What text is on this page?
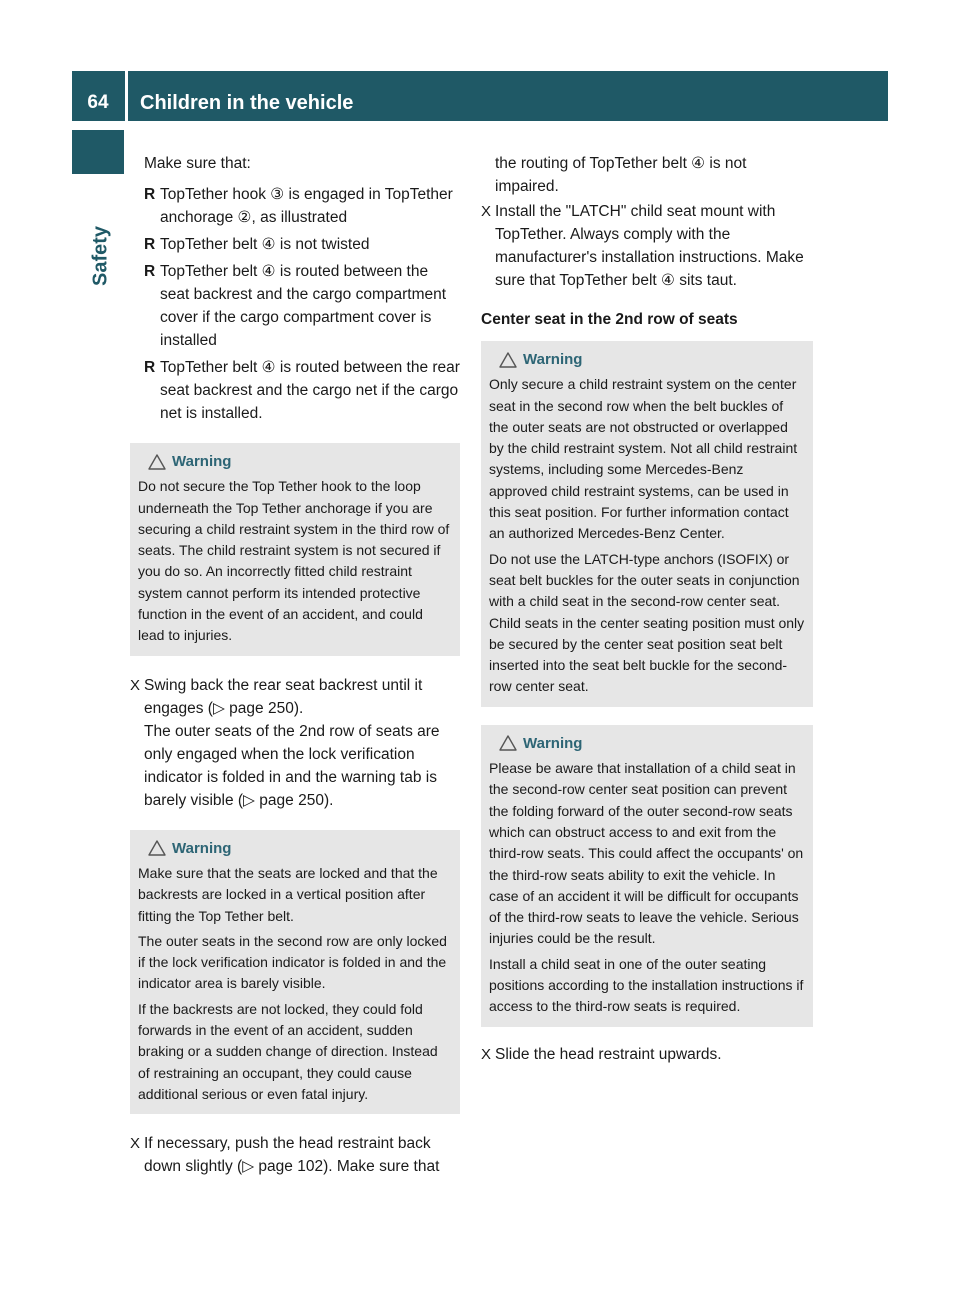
64	Children in the vehicle
Safety

Make sure that:

R TopTether hook ③ is engaged in TopTether anchorage ②, as illustrated
R TopTether belt ④ is not twisted
R TopTether belt ④ is routed between the seat backrest and the cargo compartment cover if the cargo compartment cover is installed
R TopTether belt ④ is routed between the rear seat backrest and the cargo net if the cargo net is installed.
Warning

Do not secure the Top Tether hook to the loop underneath the Top Tether anchorage if you are securing a child restraint system in the third row of seats. The child restraint system is not secured if you do so. An incorrectly fitted child restraint system cannot perform its intended protective function in the event of an accident, and could lead to injuries.

X Swing back the rear seat backrest until it engages (▷ page 250).

The outer seats of the 2nd row of seats are only engaged when the lock verification indicator is folded in and the warning tab is barely visible (▷ page 250).

Warning

Make sure that the seats are locked and that the backrests are locked in a vertical position after fitting the Top Tether belt.

The outer seats in the second row are only locked if the lock verification indicator is folded in and the indicator area is barely visible.

If the backrests are not locked, they could fold forwards in the event of an accident, sudden braking or a sudden change of direction. Instead of restraining an occupant, they could cause additional serious or even fatal injury.

X If necessary, push the head restraint back down slightly (▷ page 102). Make sure that

the routing of TopTether belt ④ is not impaired.

X Install the "LATCH" child seat mount with TopTether. Always comply with the manufacturer's installation instructions. Make sure that TopTether belt ④ sits taut.

Center seat in the 2nd row of seats

Warning

Only secure a child restraint system on the center seat in the second row when the belt buckles of the outer seats are not obstructed or overlapped by the child restraint system. Not all child restraint systems, including some Mercedes-Benz approved child restraint systems, can be used in this seat position. For further information contact an authorized Mercedes-Benz Center.

Do not use the LATCH-type anchors (ISOFIX) or seat belt buckles for the outer seats in conjunction with a child seat in the second-row center seat. Child seats in the center seating position must only be secured by the center seat position seat belt inserted into the seat belt buckle for the second-row center seat.

Warning

Please be aware that installation of a child seat in the second-row center seat position can prevent the folding forward of the outer second-row seats which can obstruct access to and exit from the third-row seats. This could affect the occupants' on the third-row seats ability to exit the vehicle. In case of an accident it will be difficult for occupants of the third-row seats to leave the vehicle. Serious injuries could be the result.

Install a child seat in one of the outer seating positions according to the installation instructions if access to the third-row seats is required.

X Slide the head restraint upwards.
